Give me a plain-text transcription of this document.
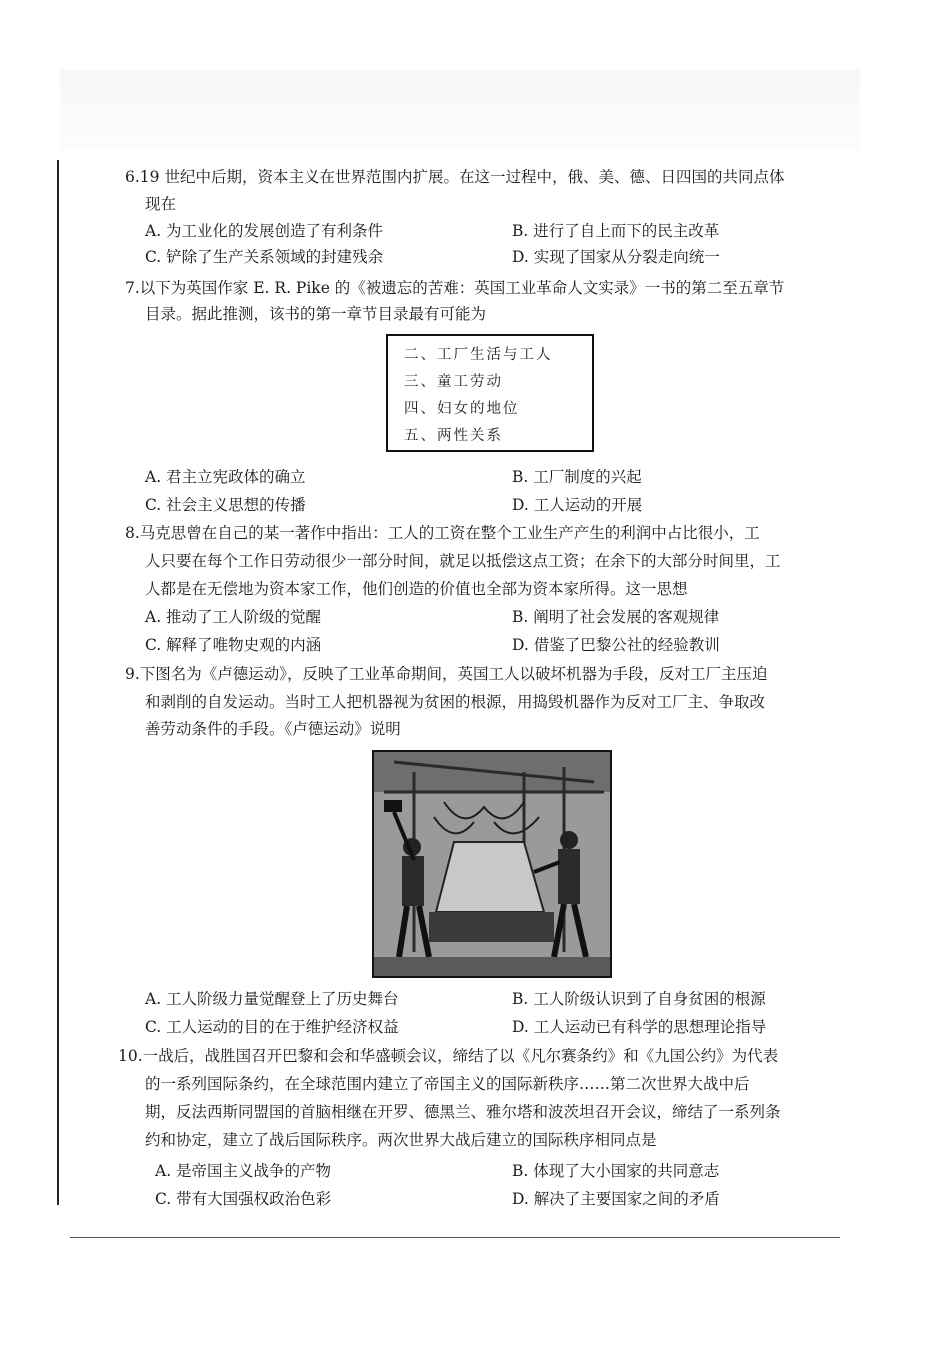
6.19 世纪中后期，资本主义在世界范围内扩展。在这一过程中，俄、美、德、日四国的共同点体
现在
A. 为工业化的发展创造了有利条件	B. 进行了自上而下的民主改革
C. 铲除了生产关系领域的封建残余	D. 实现了国家从分裂走向统一
7.以下为英国作家 E. R. Pike 的《被遗忘的苦难：英国工业革命人文实录》一书的第二至五章节
目录。据此推测，该书的第一章节目录最有可能为
二、工厂生活与工人
三、童工劳动
四、妇女的地位
五、两性关系
A. 君主立宪政体的确立	B. 工厂制度的兴起
C. 社会主义思想的传播	D. 工人运动的开展
8.马克思曾在自己的某一著作中指出：工人的工资在整个工业生产产生的利润中占比很小，工
人只要在每个工作日劳动很少一部分时间，就足以抵偿这点工资；在余下的大部分时间里，工
人都是在无偿地为资本家工作，他们创造的价值也全部为资本家所得。这一思想
A. 推动了工人阶级的觉醒	B. 阐明了社会发展的客观规律
C. 解释了唯物史观的内涵	D. 借鉴了巴黎公社的经验教训
9.下图名为《卢德运动》，反映了工业革命期间，英国工人以破坏机器为手段，反对工厂主压迫
和剥削的自发运动。当时工人把机器视为贫困的根源，用捣毁机器作为反对工厂主、争取改
善劳动条件的手段。《卢德运动》说明
A. 工人阶级力量觉醒登上了历史舞台	B. 工人阶级认识到了自身贫困的根源
C. 工人运动的目的在于维护经济权益	D. 工人运动已有科学的思想理论指导
10.一战后，战胜国召开巴黎和会和华盛顿会议，缔结了以《凡尔赛条约》和《九国公约》为代表
的一系列国际条约，在全球范围内建立了帝国主义的国际新秩序……第二次世界大战中后
期，反法西斯同盟国的首脑相继在开罗、德黑兰、雅尔塔和波茨坦召开会议，缔结了一系列条
约和协定，建立了战后国际秩序。两次世界大战后建立的国际秩序相同点是
A. 是帝国主义战争的产物	B. 体现了大小国家的共同意志
C. 带有大国强权政治色彩	D. 解决了主要国家之间的矛盾
